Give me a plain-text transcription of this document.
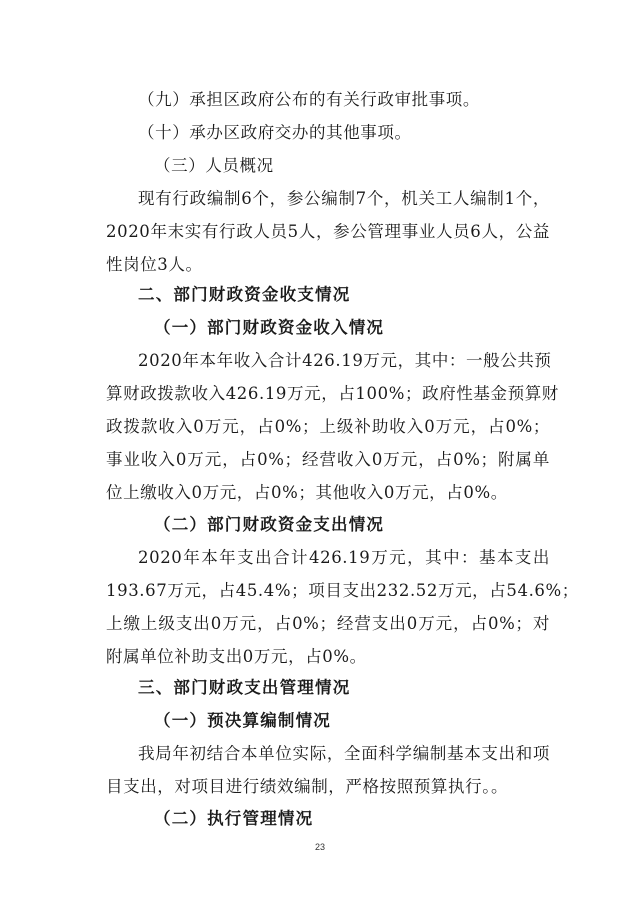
（九）承担区政府公布的有关行政审批事项。
（十）承办区政府交办的其他事项。
（三）人员概况
现有行政编制6个，参公编制7个，机关工人编制1个，
2020年末实有行政人员5人，参公管理事业人员6人，公益
性岗位3人。
二、部门财政资金收支情况
（一）部门财政资金收入情况
2020年本年收入合计426.19万元，其中：一般公共预
算财政拨款收入426.19万元，占100%；政府性基金预算财
政拨款收入0万元，占0%；上级补助收入0万元，占0%；
事业收入0万元，占0%；经营收入0万元，占0%；附属单
位上缴收入0万元，占0%；其他收入0万元，占0%。
（二）部门财政资金支出情况
2020年本年支出合计426.19万元，其中：基本支出
193.67万元，占45.4%；项目支出232.52万元，占54.6%；
上缴上级支出0万元，占0%；经营支出0万元，占0%；对
附属单位补助支出0万元，占0%。
三、部门财政支出管理情况
（一）预决算编制情况
我局年初结合本单位实际，全面科学编制基本支出和项
目支出，对项目进行绩效编制，严格按照预算执行。。
（二）执行管理情况
23
